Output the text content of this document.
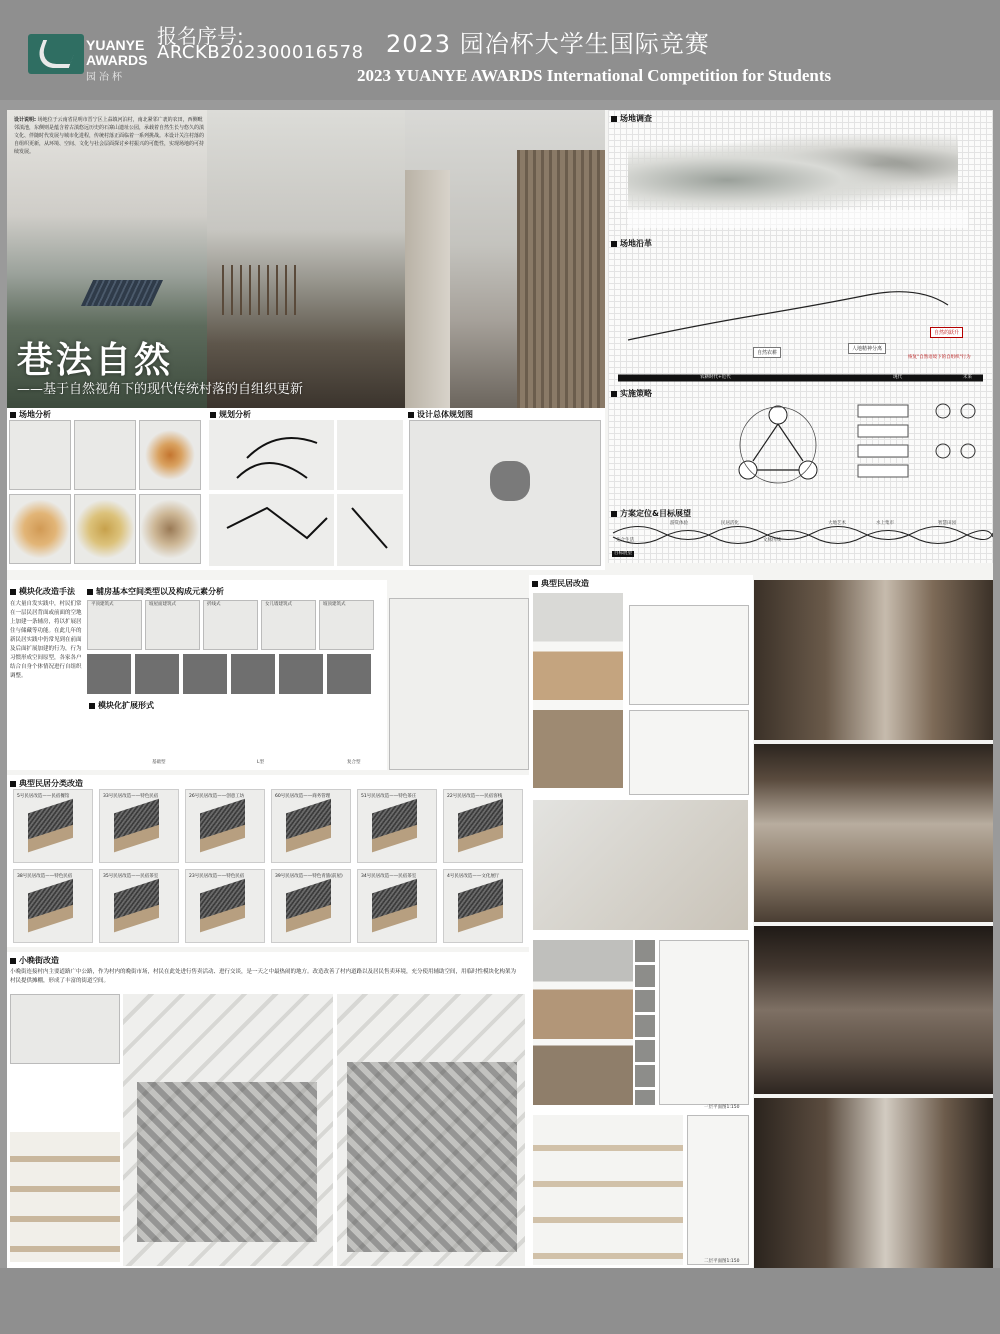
YUANYE
AWARDS
园冶杯
报名序号:
ARCKB202300016578 2023 园冶杯大学生国际竞赛
2023 YUANYE AWARDS International Competition for Students
设计说明: 场地位于云南省昆明市晋宁区上蒜镇河泊村，南北紧邻广袤的农田，西侧毗邻滇池，东侧则是蕴含着古滇悠远历史的石寨山遗址公园，承载着自然生长与悠久的滇文化、伴随时代发展与城市化进程，传统村落正面临着一系列挑战。本设计关注村落的自组织更新，从环境、空间、文化与社会层面探讨乡村振兴的可能性，实现场地的可持续发展。
巷法自然
——基于自然视角下的现代传统村落的自组织更新
场地调查
场地沿革
自然农耕
人地精神分离
自然的跃升
农耕时代+近代	现代	未来
恢复"自然语境下的自组织"行为
实施策略
方案定位&目标展望
先合生活
游赏体验	民居活化
文脉传续
大地艺术	水上集市	智慧田园
目标展望
场地分析	规划分析	设计总体规划图
模块化改造手法	辅房基本空间类型以及构成元素分析
在大量自发实践中，村民们常在一层民居背面或前面的空地上加建一条辅房，将以扩展居住与储藏等功能。在此几年的新民居实践中仍常见到在前面及后面扩展加建的行为，行为习惯形成空间原型，各家各户结合自身个体情况进行自组织调整。
平顶建筑式	坡屋面建筑式	折线式	女儿墙建筑式	坡顶建筑式
模块化扩展形式
基础型	L型	复合型
典型民居分类改造
5号民居改造——民宿餐馆	33号民居改造——特色民宿	26号民居改造——创意工坊	60号民居改造——商务管理	51号民居改造——特色茶庄	22号民居改造——民宿客栈
38号民居改造——特色民宿	35号民居改造——民宿茶室	23号民居改造——特色民宿	39号民居改造——特色青旅(前屋)	34号民居改造——民宿茶室	4号民居改造——文化展厅
小晚街改造
小晚街连接村内主要道路广中公路，作为村内的晚街市场，村民在此处进行售卖活动、进行交谈，是一天之中最热闹的地方。改造改善了村内道路以及居民售卖环境，充分使用辅助空间，用临时性模块化构架为村民提供摊棚，形成了丰富的街道空间。
典型民居改造
一层平面图1:150
二层平面图1:150
